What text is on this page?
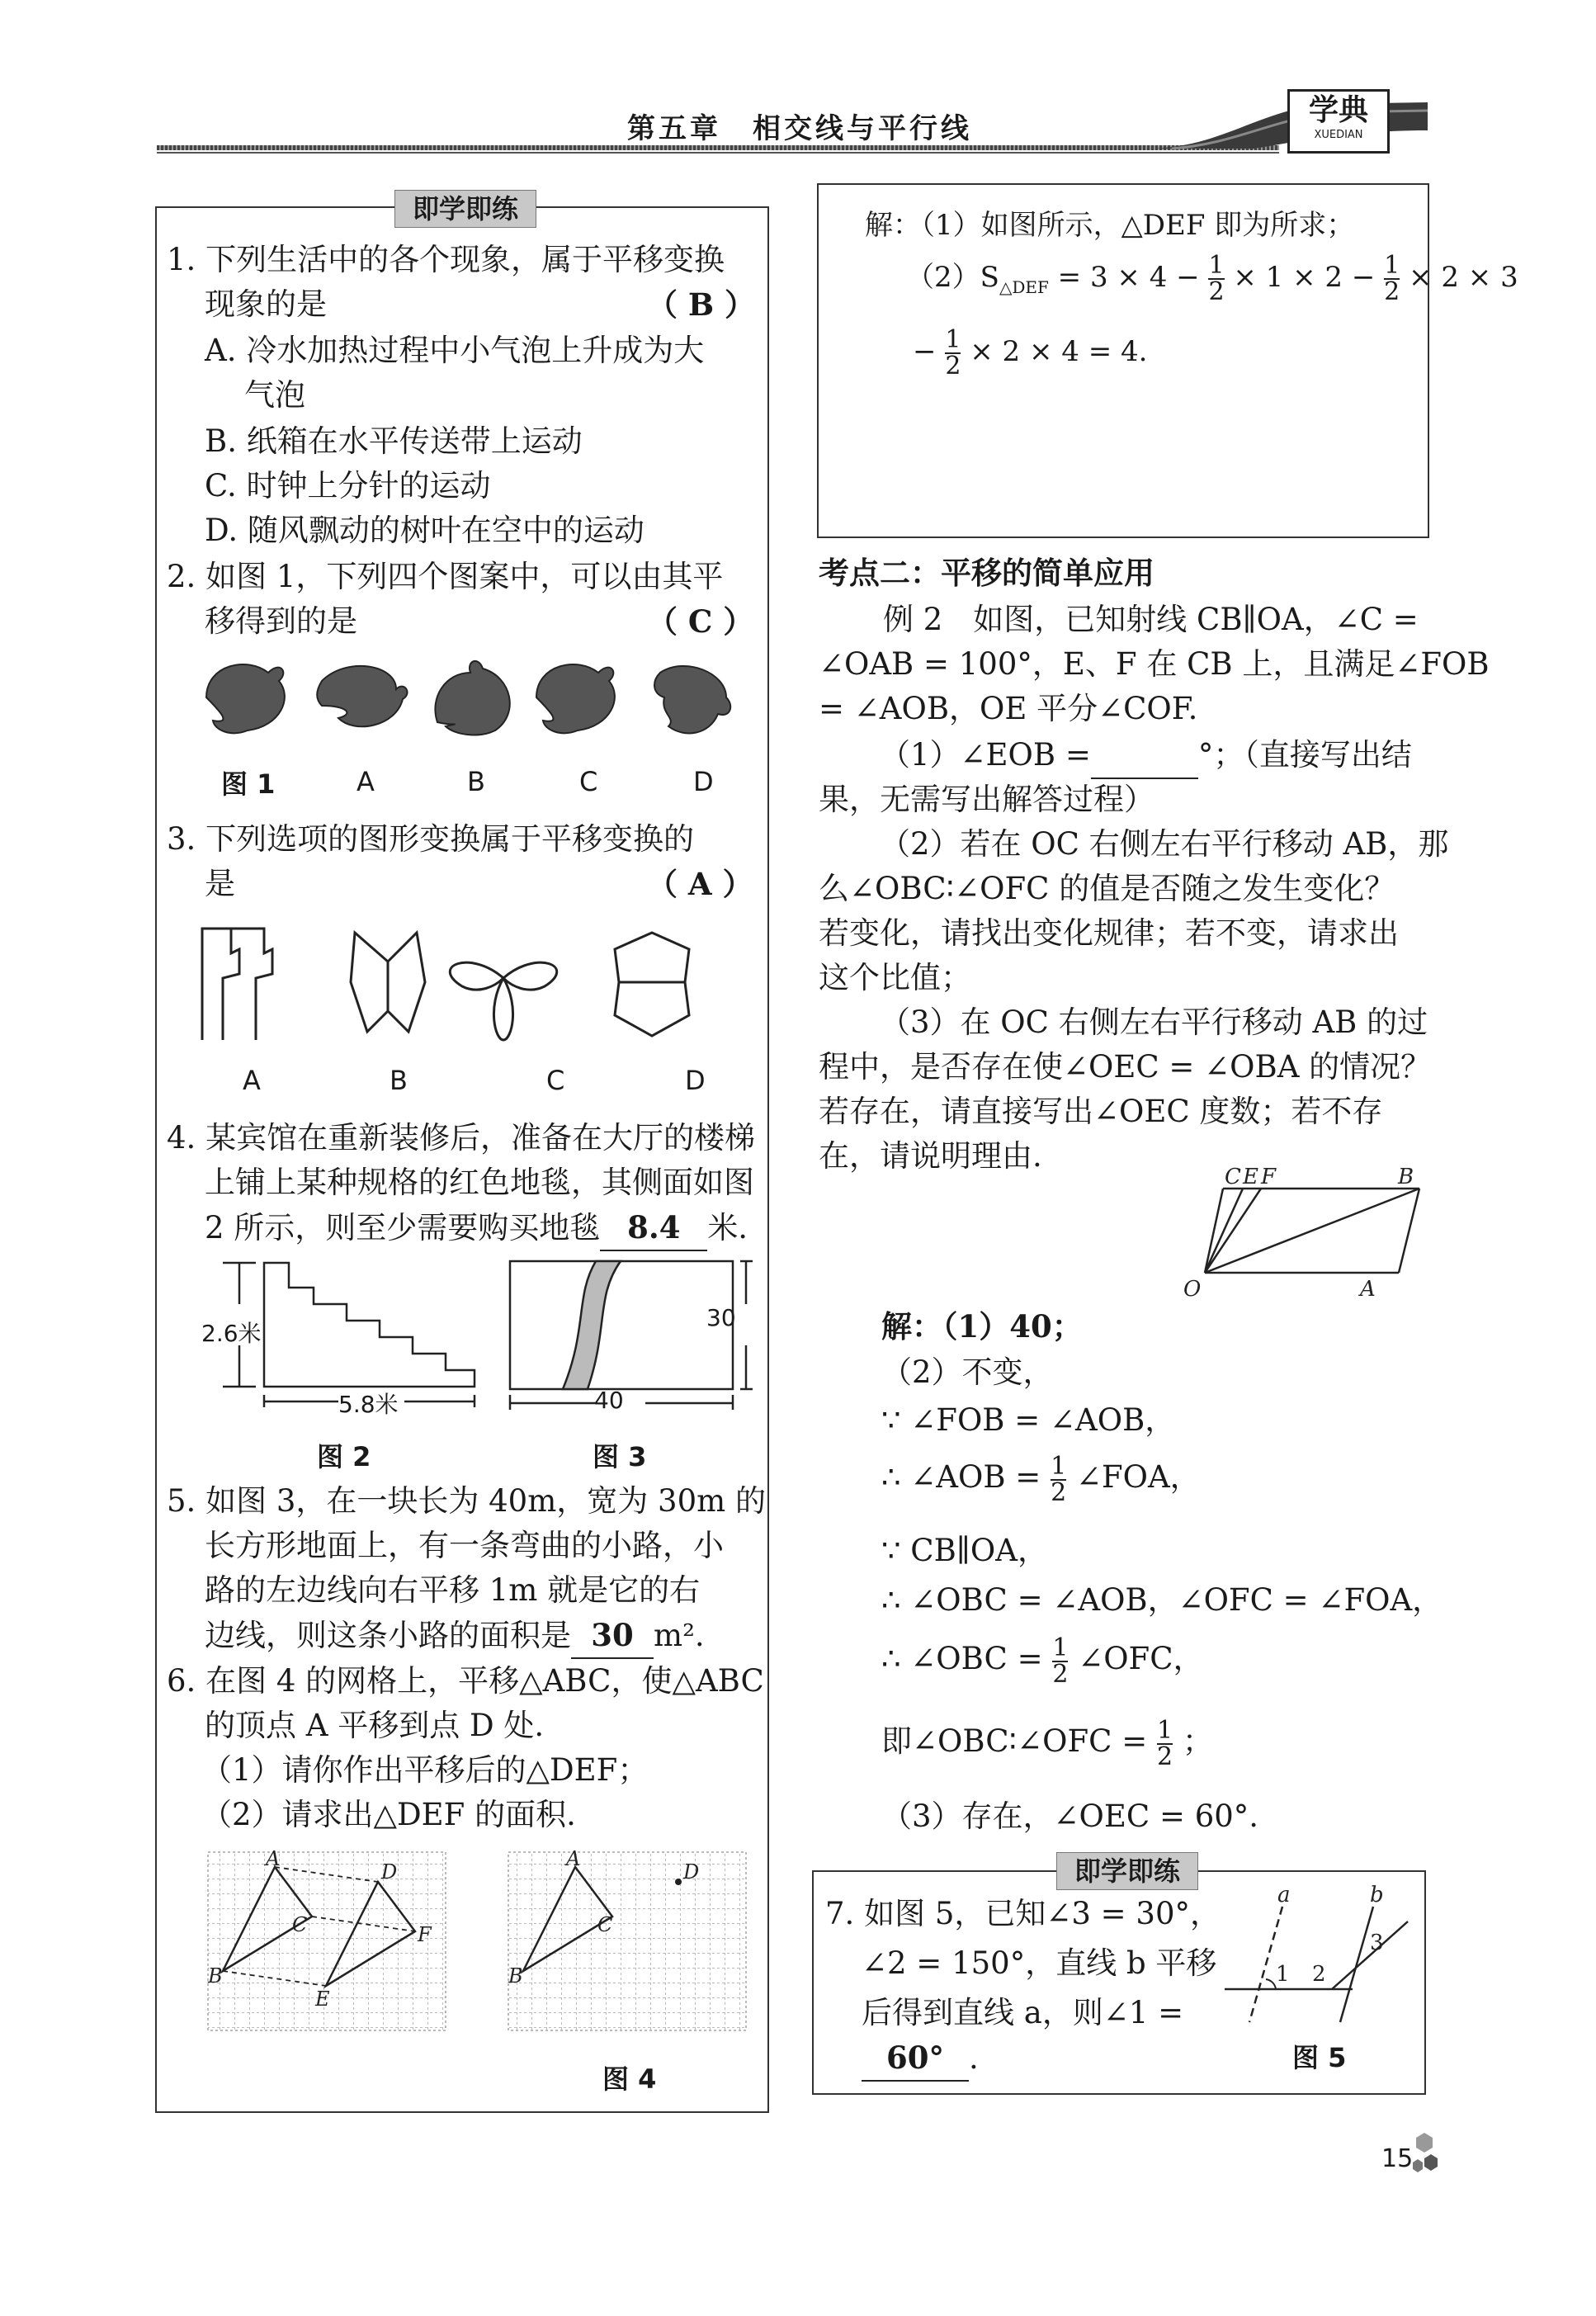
第五章　相交线与平行线
学典
XUEDIAN
即学即练
1. 下列生活中的各个现象，属于平移变换
现象的是	（ B ）
A. 冷水加热过程中小气泡上升成为大
气泡
B. 纸箱在水平传送带上运动
C. 时钟上分针的运动
D. 随风飘动的树叶在空中的运动
2. 如图 1，下列四个图案中，可以由其平
移得到的是	（ C ）
图 1	A	B	C	D
3. 下列选项的图形变换属于平移变换的
是	（ A ）
A	B	C	D
4. 某宾馆在重新装修后，准备在大厅的楼梯
上铺上某种规格的红色地毯，其侧面如图
2 所示，则至少需要购买地毯 8.4 米.
2.6米
5.8米
30
40
图 2	图 3
5. 如图 3，在一块长为 40m，宽为 30m 的
长方形地面上，有一条弯曲的小路，小
路的左边线向右平移 1m 就是它的右
边线，则这条小路的面积是 30 m².
6. 在图 4 的网格上，平移△ABC，使△ABC
的顶点 A 平移到点 D 处.
（1）请你作出平移后的△DEF；
（2）请求出△DEF 的面积.
A
B
C
D
E
F
A
B
C
D
图 4
解：（1）如图所示，△DEF 即为所求；
$(2)S_{\triangle DEF} = 3 \times 4 - \frac{1}{2} \times 1 \times 2 - \frac{1}{2} \times 2 \times 3$
− $\frac{1}{2} \times 2 \times 4 = 4$.
考点二：平移的简单应用
例 2　如图，已知射线 CB∥OA，∠C =
∠OAB = 100°，E、F 在 CB 上，且满足∠FOB
= ∠AOB，OE 平分∠COF.
（1）∠EOB =	°；（直接写出结
果，无需写出解答过程）
（2）若在 OC 右侧左右平行移动 AB，那
么∠OBC∶∠OFC 的值是否随之发生变化？
若变化，请找出变化规律；若不变，请求出
这个比值；
（3）在 OC 右侧左右平行移动 AB 的过
程中，是否存在使∠OEC = ∠OBA 的情况？
若存在，请直接写出∠OEC 度数；若不存
在，请说明理由.
C E F	B
O	A
解：（1）40；
（2）不变，
∵ ∠FOB = ∠AOB，
∴ ∠AOB = $\frac{1}{2}$ ∠FOA，
∵ CB∥OA，
∴ ∠OBC = ∠AOB，∠OFC = ∠FOA，
∴ ∠OBC = $\frac{1}{2}$ ∠OFC，
即∠OBC∶∠OFC = $\frac{1}{2}$ ；
（3）存在，∠OEC = 60°.
即学即练
7. 如图 5，已知∠3 = 30°，
∠2 = 150°，直线 b 平移
后得到直线 a，则∠1 =
60° .
a	b
1 2
3
图 5
15
